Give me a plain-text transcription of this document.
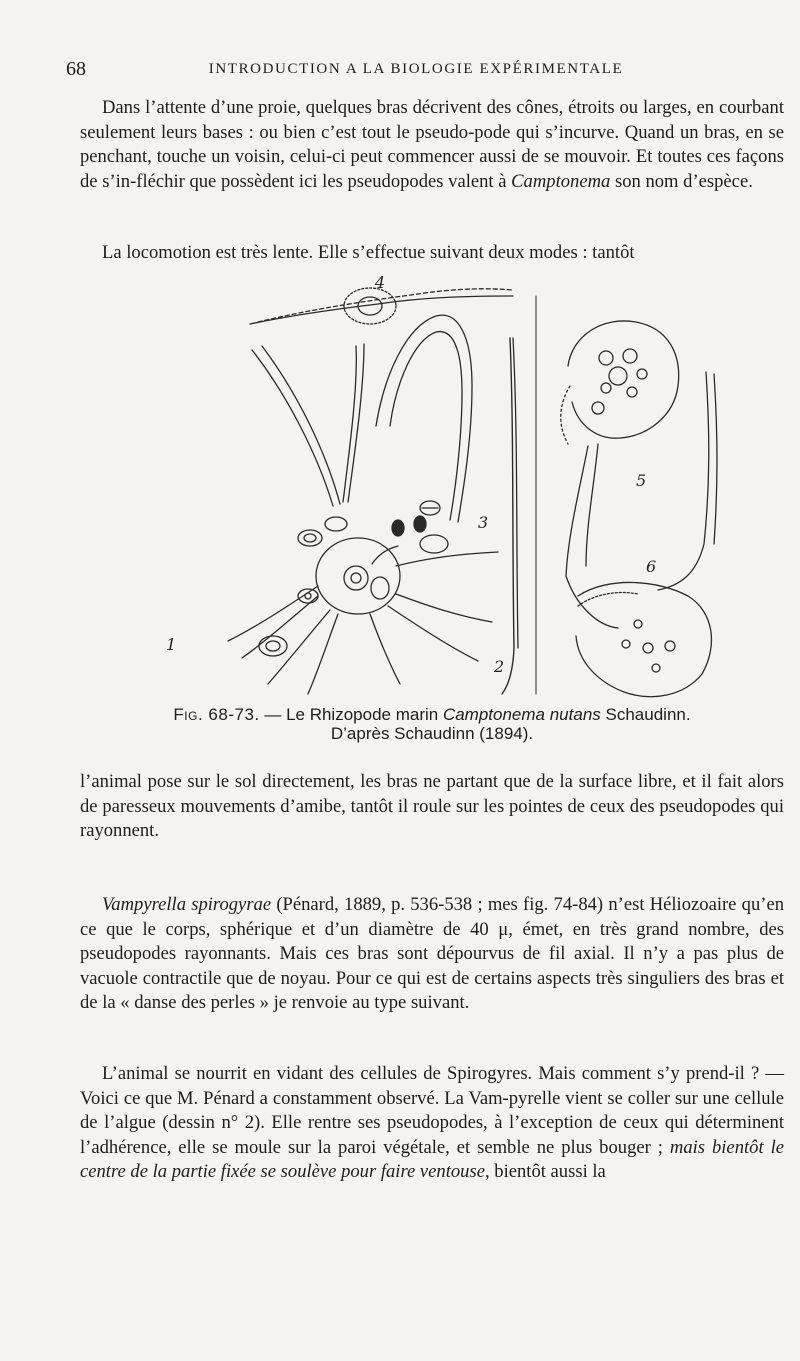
68	INTRODUCTION A LA BIOLOGIE EXPÉRIMENTALE

Dans l’attente d’une proie, quelques bras décrivent des cônes, étroits ou larges, en courbant seulement leurs bases : ou bien c’est tout le pseudo-pode qui s’incurve. Quand un bras, en se penchant, touche un voisin, celui-ci peut commencer aussi de se mouvoir. Et toutes ces façons de s’in-fléchir que possèdent ici les pseudopodes valent à Camptonema son nom d’espèce.

La locomotion est très lente. Elle s’effectue suivant deux modes : tantôt

4
3
1
2
5
6
Fig. 68-73. — Le Rhizopode marin Camptonema nutans Schaudinn.
D’après Schaudinn (1894).

l’animal pose sur le sol directement, les bras ne partant que de la surface libre, et il fait alors de paresseux mouvements d’amibe, tantôt il roule sur les pointes de ceux des pseudopodes qui rayonnent.

Vampyrella spirogyrae (Pénard, 1889, p. 536-538 ; mes fig. 74-84) n’est Héliozoaire qu’en ce que le corps, sphérique et d’un diamètre de 40 μ, émet, en très grand nombre, des pseudopodes rayonnants. Mais ces bras sont dépourvus de fil axial. Il n’y a pas plus de vacuole contractile que de noyau. Pour ce qui est de certains aspects très singuliers des bras et de la « danse des perles » je renvoie au type suivant.

L’animal se nourrit en vidant des cellules de Spirogyres. Mais comment s’y prend-il ? — Voici ce que M. Pénard a constamment observé. La Vam-pyrelle vient se coller sur une cellule de l’algue (dessin n° 2). Elle rentre ses pseudopodes, à l’exception de ceux qui déterminent l’adhérence, elle se moule sur la paroi végétale, et semble ne plus bouger ; mais bientôt le centre de la partie fixée se soulève pour faire ventouse, bientôt aussi la
